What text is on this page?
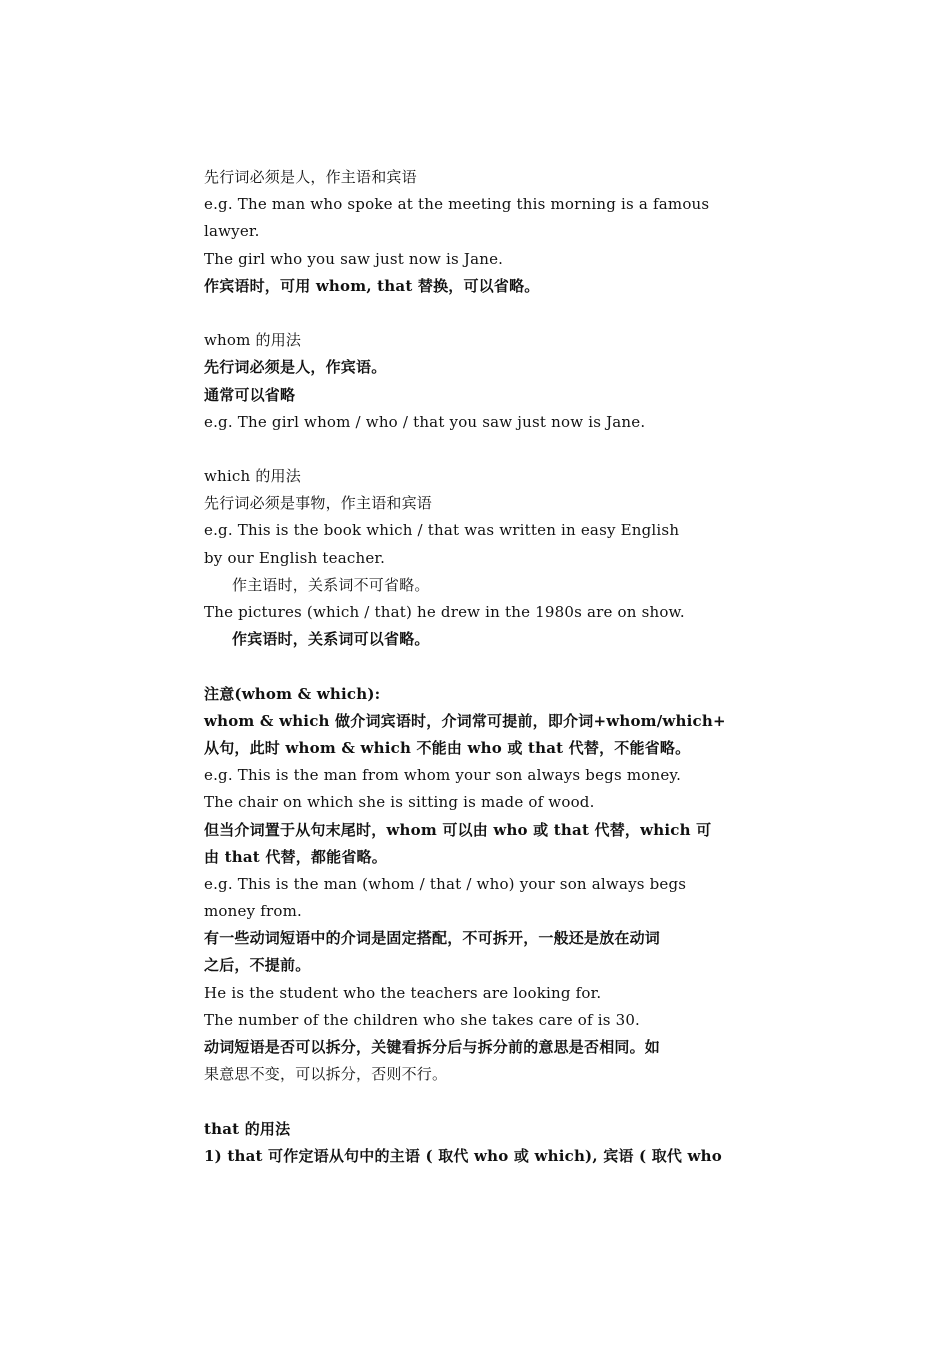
先行词必须是人，作主语和宾语
e.g. The man who spoke at the meeting this morning is a famous
lawyer.
The girl who you saw just now is Jane.
作宾语时，可用 whom, that 替换，可以省略。
whom 的用法
先行词必须是人，作宾语。
通常可以省略
e.g. The girl whom / who / that you saw just now is Jane.
which 的用法
先行词必须是事物，作主语和宾语
e.g. This is the book which / that was written in easy English
by our English teacher.
作主语时，关系词不可省略。
The pictures (which / that) he drew in the 1980s are on show.
作宾语时，关系词可以省略。
注意(whom & which):
whom & which 做介词宾语时，介词常可提前，即介词+whom/which+
从句，此时 whom & which 不能由 who 或 that 代替，不能省略。
e.g. This is the man from whom your son always begs money.
The chair on which she is sitting is made of wood.
但当介词置于从句末尾时，whom 可以由 who 或 that 代替，which 可
由 that 代替，都能省略。
e.g. This is the man (whom / that / who) your son always begs
money from.
有一些动词短语中的介词是固定搭配，不可拆开，一般还是放在动词
之后，不提前。
He is the student who the teachers are looking for.
The number of the children who she takes care of is 30.
动词短语是否可以拆分，关键看拆分后与拆分前的意思是否相同。如
果意思不变，可以拆分，否则不行。
that 的用法
1) that 可作定语从句中的主语 ( 取代 who 或 which), 宾语 ( 取代 who
